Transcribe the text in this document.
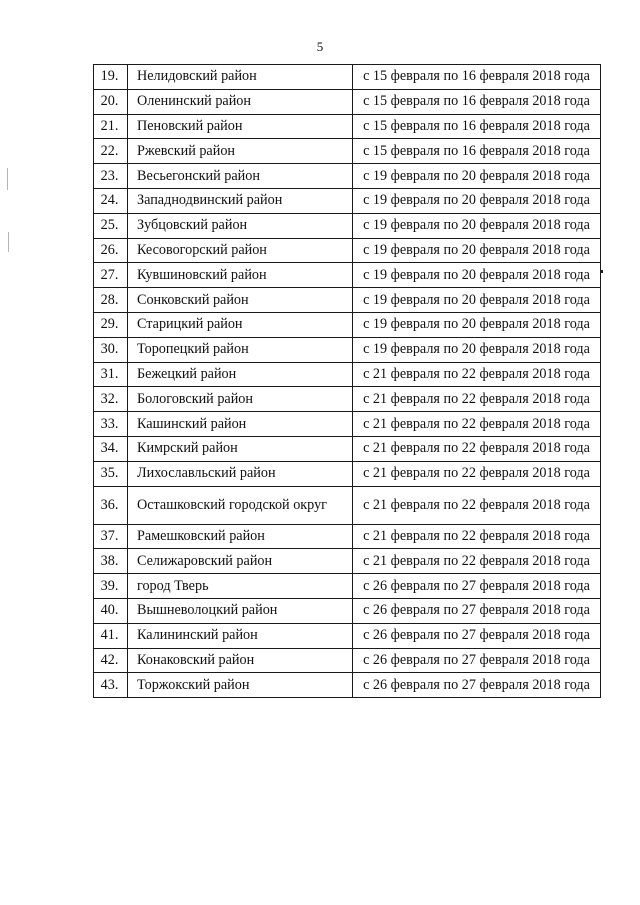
5
19.	Нелидовский район	с 15 февраля по 16 февраля 2018 года
20.	Оленинский район	с 15 февраля по 16 февраля 2018 года
21.	Пеновский район	с 15 февраля по 16 февраля 2018 года
22.	Ржевский район	с 15 февраля по 16 февраля 2018 года
23.	Весьегонский район	с 19 февраля по 20 февраля 2018 года
24.	Западнодвинский район	с 19 февраля по 20 февраля 2018 года
25.	Зубцовский район	с 19 февраля по 20 февраля 2018 года
26.	Кесовогорский район	с 19 февраля по 20 февраля 2018 года
27.	Кувшиновский район	с 19 февраля по 20 февраля 2018 года
28.	Сонковский район	с 19 февраля по 20 февраля 2018 года
29.	Старицкий район	с 19 февраля по 20 февраля 2018 года
30.	Торопецкий район	с 19 февраля по 20 февраля 2018 года
31.	Бежецкий район	с 21 февраля по 22 февраля 2018 года
32.	Бологовский район	с 21 февраля по 22 февраля 2018 года
33.	Кашинский район	с 21 февраля по 22 февраля 2018 года
34.	Кимрский район	с 21 февраля по 22 февраля 2018 года
35.	Лихославльский район	с 21 февраля по 22 февраля 2018 года
36.	Осташковский городской округ	с 21 февраля по 22 февраля 2018 года
37.	Рамешковский район	с 21 февраля по 22 февраля 2018 года
38.	Селижаровский район	с 21 февраля по 22 февраля 2018 года
39.	город Тверь	с 26 февраля по 27 февраля 2018 года
40.	Вышневолоцкий район	с 26 февраля по 27 февраля 2018 года
41.	Калининский район	с 26 февраля по 27 февраля 2018 года
42.	Конаковский район	с 26 февраля по 27 февраля 2018 года
43.	Торжокский район	с 26 февраля по 27 февраля 2018 года
